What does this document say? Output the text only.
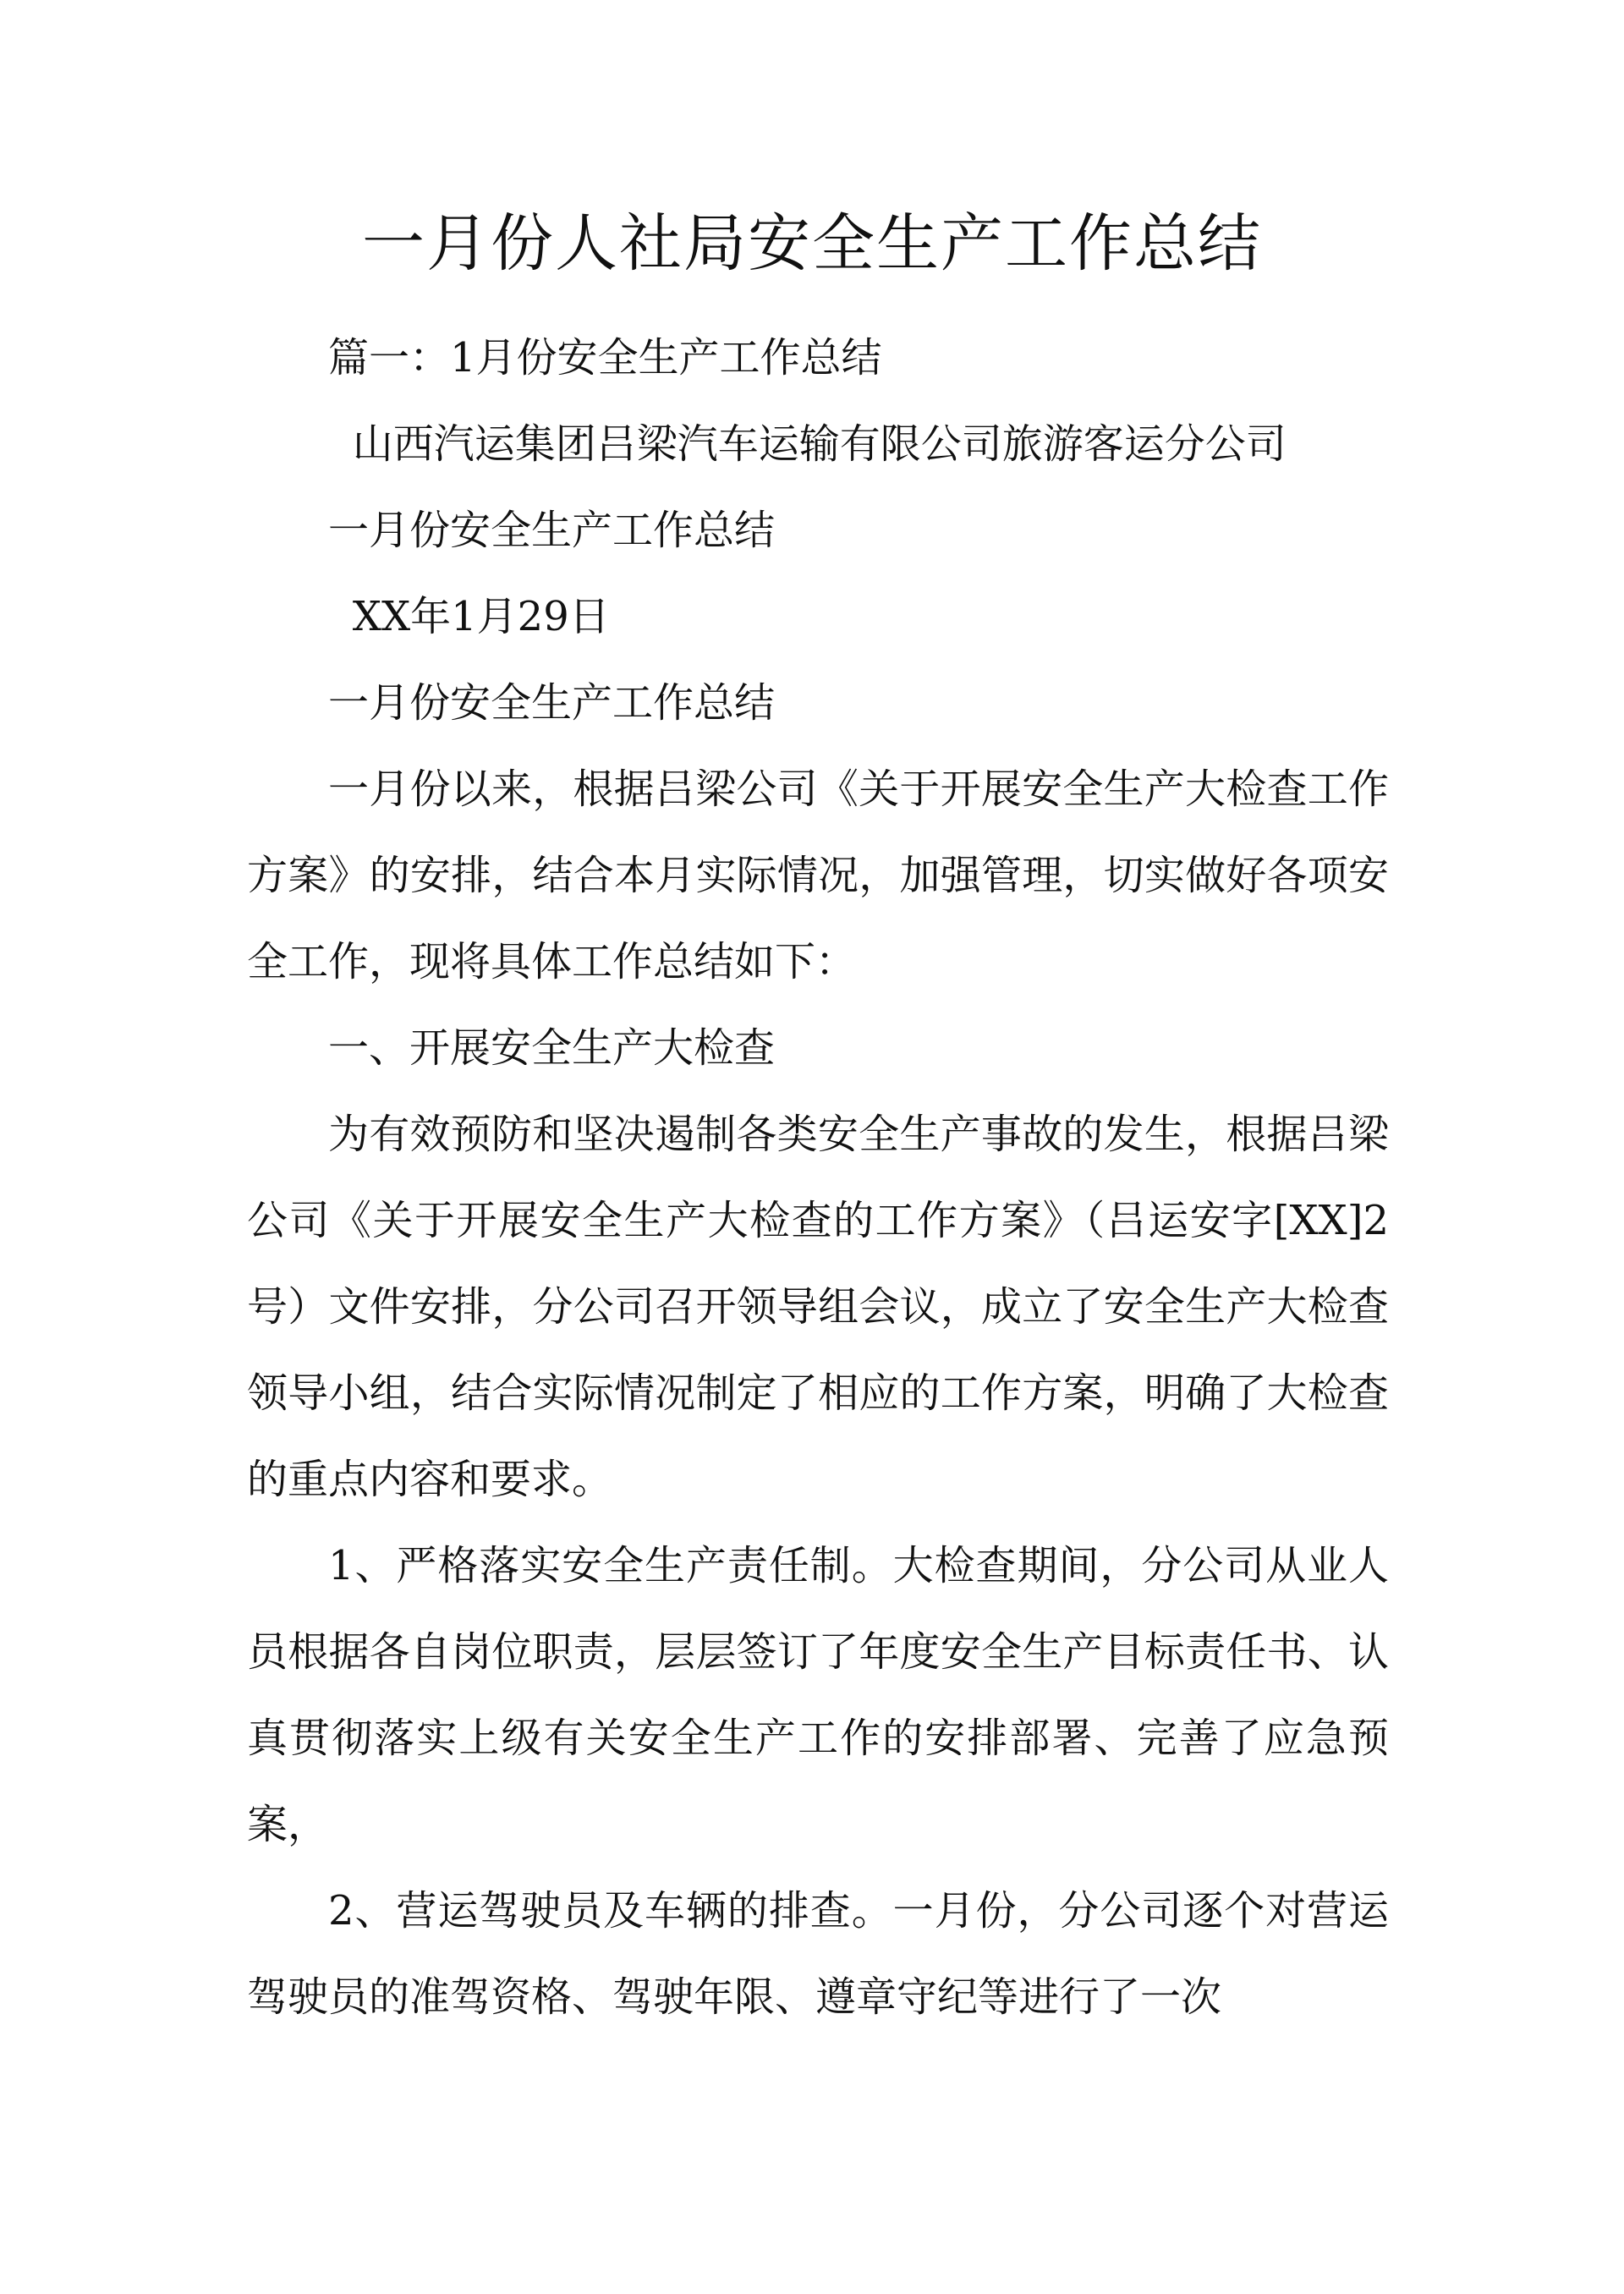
一月份人社局安全生产工作总结

篇一：1月份安全生产工作总结

山西汽运集团吕梁汽车运输有限公司旅游客运分公司

一月份安全生产工作总结

XX年1月29日

一月份安全生产工作总结

一月份以来，根据吕梁公司《关于开展安全生产大检查工作方案》的安排，结合本月实际情况，加强管理，切实做好各项安全工作，现将具体工作总结如下：

一、开展安全生产大检查

为有效预防和坚决遏制各类安全生产事故的发生，根据吕梁公司《关于开展安全生产大检查的工作方案》（吕运安字[XX]2号）文件安排，分公司召开领导组会议，成立了安全生产大检查领导小组，结合实际情况制定了相应的工作方案，明确了大检查的重点内容和要求。

1、严格落实安全生产责任制。大检查期间，分公司从业人员根据各自岗位职责，层层签订了年度安全生产目标责任书、认真贯彻落实上级有关安全生产工作的安排部署、完善了应急预案，

2、营运驾驶员及车辆的排查。一月份，分公司逐个对营运驾驶员的准驾资格、驾驶年限、遵章守纪等进行了一次
